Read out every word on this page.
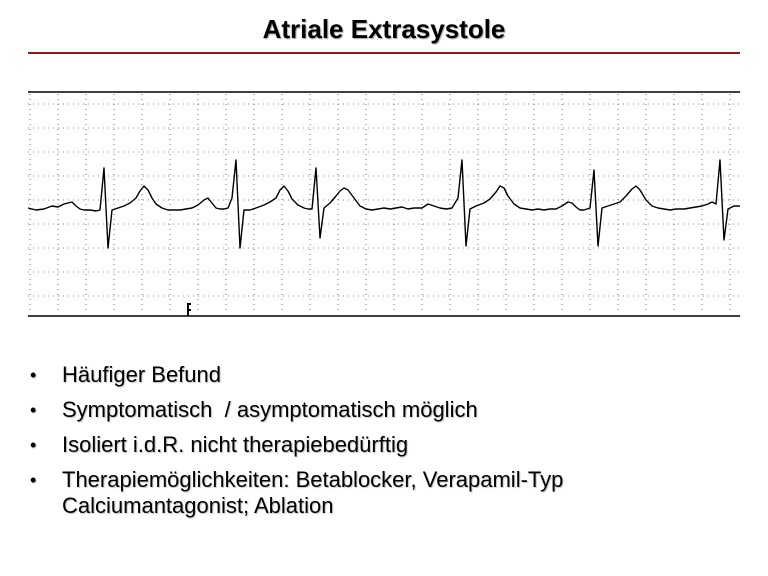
Atriale Extrasystole
•	Häufiger Befund
•	Symptomatisch  / asymptomatisch möglich
•	Isoliert i.d.R. nicht therapiebedürftig
•	Therapiemöglichkeiten: Betablocker, Verapamil-Typ Calciumantagonist; Ablation
